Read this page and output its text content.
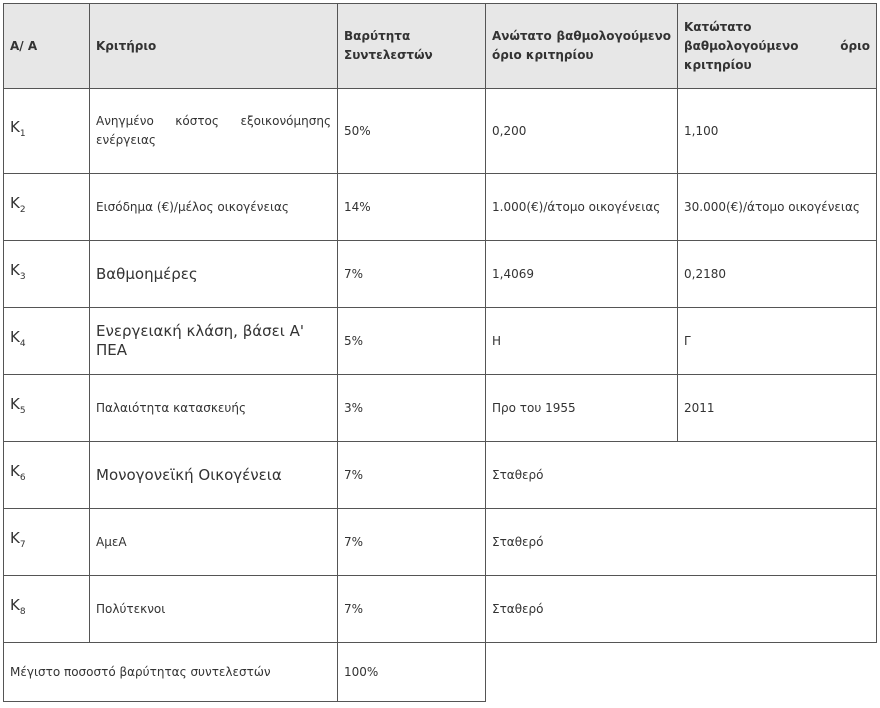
Α/ Α	Κριτήριο	Βαρύτητα Συντελεστών	Ανώτατο βαθμολογούμενο όριο κριτηρίου	Κατώτατο βαθμολογούμενο όριο κριτηρίου
$K_1$	Ανηγμένο κόστος εξοικονόμησης ενέργειας	50%	0,200	1,100
$K_2$	Εισόδημα (€)/μέλος οικογένειας	14%	1.000(€)/άτομο οικογένειας	30.000(€)/άτομο οικογένειας
$K_3$	Βαθμοημέρες	7%	1,4069	0,2180
$K_4$	Ενεργειακή κλάση, βάσει Α' ΠΕΑ	5%	Η	Γ
$K_5$	Παλαιότητα κατασκευής	3%	Προ του 1955	2011
$K_6$	Μονογονεϊκή Οικογένεια	7%	Σταθερό	
$K_7$	ΑμεΑ	7%	Σταθερό	
$K_8$	Πολύτεκνοι	7%	Σταθερό	
Μέγιστο ποσοστό βαρύτητας συντελεστών		100%		
